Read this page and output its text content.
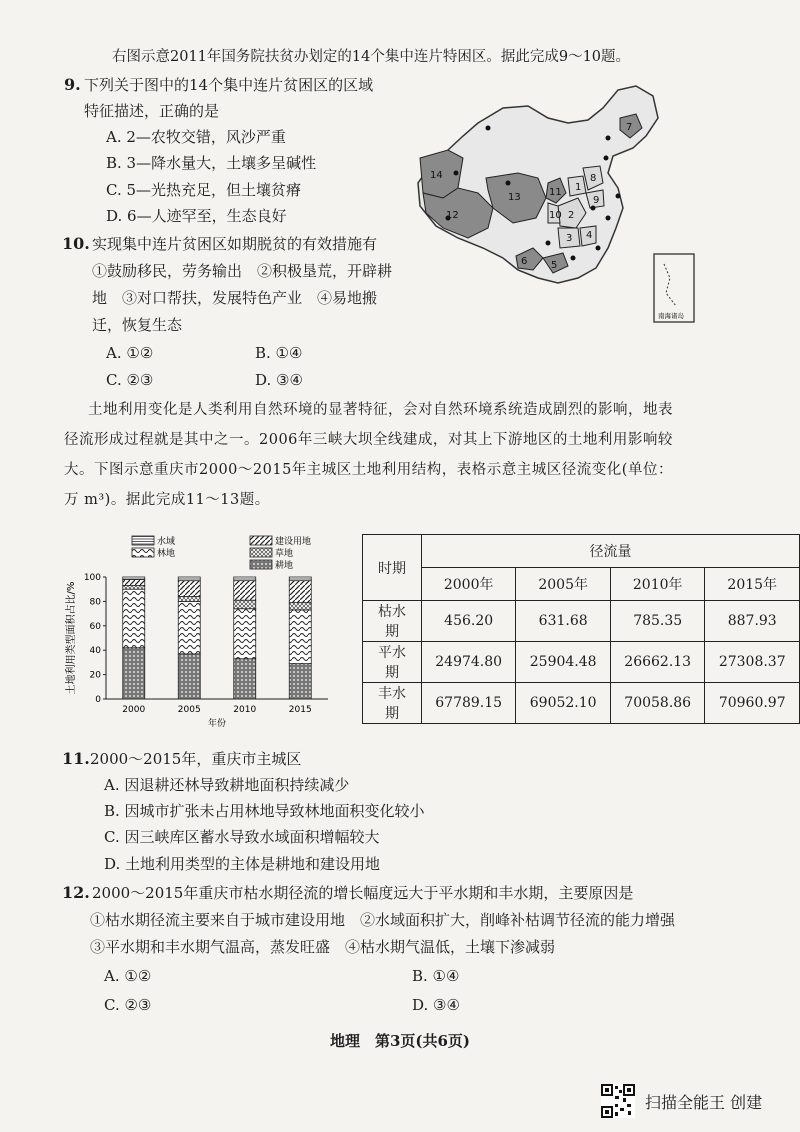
右图示意2011年国务院扶贫办划定的14个集中连片特困区。据此完成9～10题。
9. 下列关于图中的14个集中连片贫困区的区域
特征描述，正确的是
A. 2—农牧交错，风沙严重
B. 3—降水量大，土壤多呈碱性
C. 5—光热充足，但土壤贫瘠
D. 6—人迹罕至，生态良好
10. 实现集中连片贫困区如期脱贫的有效措施有
①鼓励移民，劳务输出　②积极垦荒，开辟耕
地　③对口帮扶，发展特色产业　④易地搬
迁，恢复生态
A. ①②	B. ①④
C. ②③	D. ③④
1
2
3 4
5
6
7
8
9
10
11
12
13
14
南海诸岛
土地利用变化是人类利用自然环境的显著特征，会对自然环境系统造成剧烈的影响，地表
径流形成过程就是其中之一。2006年三峡大坝全线建成，对其上下游地区的土地利用影响较
大。下图示意重庆市2000～2015年主城区土地利用结构，表格示意主城区径流变化(单位：
万 m³)。据此完成11～13题。
水域	建设用地
林地	草地
耕地
0
20
40
60
80
100
2000	2005	2010	2015
年份
土地利用类型面积占比/%
时期	径流量			
	2000年	2005年	2010年	2015年
枯水期	456.20	631.68	785.35	887.93
平水期	24974.80	25904.48	26662.13	27308.37
丰水期	67789.15	69052.10	70058.86	70960.97
11. 2000～2015年，重庆市主城区
A. 因退耕还林导致耕地面积持续减少
B. 因城市扩张未占用林地导致林地面积变化较小
C. 因三峡库区蓄水导致水域面积增幅较大
D. 土地利用类型的主体是耕地和建设用地
12. 2000～2015年重庆市枯水期径流的增长幅度远大于平水期和丰水期，主要原因是
①枯水期径流主要来自于城市建设用地　②水域面积扩大，削峰补枯调节径流的能力增强
③平水期和丰水期气温高，蒸发旺盛　④枯水期气温低，土壤下渗减弱
A. ①②	B. ①④
C. ②③	D. ③④
地理　第3页(共6页)
扫描全能王 创建
